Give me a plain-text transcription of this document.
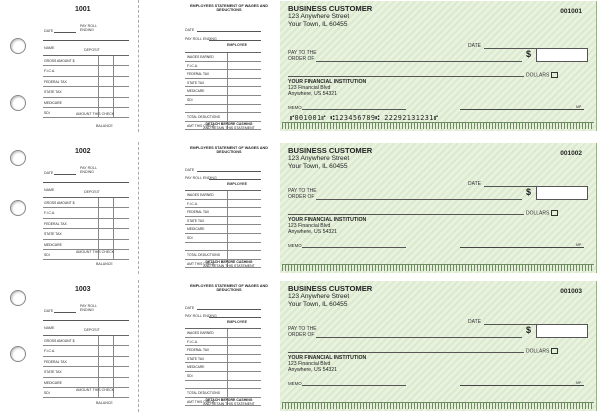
1001
DATE
PAY ROLL ENDING
NAME	DEPOSIT
GROSS AMOUNT $
F.I.C.A.
FEDERAL TAX
STATE TAX
MEDICARE
SDI	AMOUNT THIS CHECK
BALANCE
EMPLOYEES STATEMENT OF WAGES AND DEDUCTIONS
DATE
PAY ROLL ENDING
EMPLOYEE
WAGES EARNED
F.I.C.A.
FEDERAL TAX
STATE TAX
MEDICARE
SDI
TOTAL DEDUCTIONS
AMT THIS CHECK
DETACH BEFORE CASHING
AND RETAIN THIS STATEMENT
BUSINESS CUSTOMER
123 Anywhere Street
Your Town, IL 60455
001001
DATE
PAY TO THE
ORDER OF	$
DOLLARS
YOUR FINANCIAL INSTITUTION
123 Financial Blvd
Anywhere, US 54321
MEMO	MP
⑈001001⑈ ⑆123456789⑆ 22292131231⑈
1002
DATE
PAY ROLL ENDING
NAME	DEPOSIT
GROSS AMOUNT $
F.I.C.A.
FEDERAL TAX
STATE TAX
MEDICARE
SDI
AMOUNT THIS CHECK
BALANCE
EMPLOYEES STATEMENT OF WAGES AND DEDUCTIONS
DATE
PAY ROLL ENDING
EMPLOYEE
WAGES EARNED
F.I.C.A.
FEDERAL TAX
STATE TAX
MEDICARE
SDI
TOTAL DEDUCTIONS
AMT THIS CHECK
DETACH BEFORE CASHING
AND RETAIN THIS STATEMENT
BUSINESS CUSTOMER
123 Anywhere Street
Your Town, IL 60455
001002
DATE
PAY TO THE
ORDER OF	$
DOLLARS
YOUR FINANCIAL INSTITUTION
123 Financial Blvd
Anywhere, US 54321
MEMO	MP
1003
DATE
PAY ROLL ENDING
NAME	DEPOSIT
GROSS AMOUNT $
F.I.C.A.
FEDERAL TAX
STATE TAX
MEDICARE
SDI
AMOUNT THIS CHECK
BALANCE
EMPLOYEES STATEMENT OF WAGES AND DEDUCTIONS
DATE
PAY ROLL ENDING
EMPLOYEE
WAGES EARNED
F.I.C.A.
FEDERAL TAX
STATE TAX
MEDICARE
SDI
TOTAL DEDUCTIONS
AMT THIS CHECK
DETACH BEFORE CASHING
AND RETAIN THIS STATEMENT
BUSINESS CUSTOMER
123 Anywhere Street
Your Town, IL 60455
001003
DATE
PAY TO THE
ORDER OF	$
DOLLARS
YOUR FINANCIAL INSTITUTION
123 Financial Blvd
Anywhere, US 54321
MEMO	MP
